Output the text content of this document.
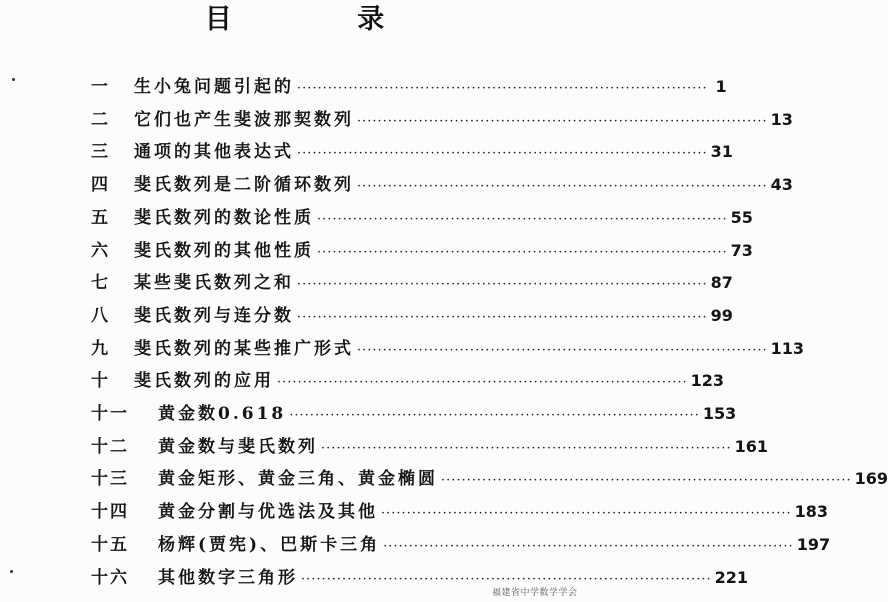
目 录
一 生小兔问题引起的 ················································································ 1
二 它们也产生斐波那契数列 ················································································ 13
三 通项的其他表达式 ················································································ 31
四 斐氏数列是二阶循环数列 ················································································ 43
五 斐氏数列的数论性质 ················································································ 55
六 斐氏数列的其他性质 ················································································ 73
七 某些斐氏数列之和 ················································································ 87
八 斐氏数列与连分数 ················································································ 99
九 斐氏数列的某些推广形式 ················································································ 113
十 斐氏数列的应用 ················································································ 123
十一 黄金数0.618 ················································································ 153
十二 黄金数与斐氏数列 ················································································ 161
十三 黄金矩形、黄金三角、黄金椭圆 ················································································ 169
十四 黄金分割与优选法及其他 ················································································ 183
十五 杨辉(贾宪)、巴斯卡三角 ················································································ 197
十六 其他数字三角形 ················································································ 221
福建省中学数学学会
